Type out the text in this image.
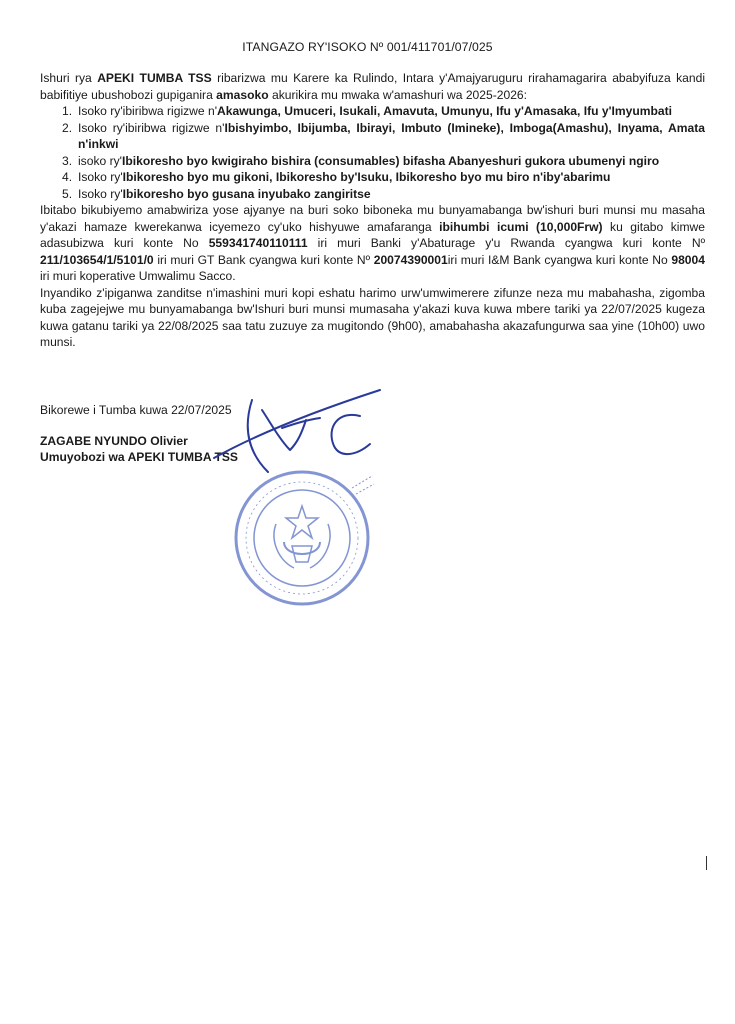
ITANGAZO RY'ISOKO Nº 001/411701/07/025

Ishuri rya APEKI TUMBA TSS ribarizwa mu Karere ka Rulindo, Intara y'Amajyaruguru rirahamagarira ababyifuza kandi babifitiye ubushobozi gupiganira amasoko akurikira mu mwaka w'amashuri wa 2025-2026:

1. Isoko ry'ibiribwa rigizwe n'Akawunga, Umuceri, Isukali, Amavuta, Umunyu, Ifu y'Amasaka, Ifu y'Imyumbati
2. Isoko ry'ibiribwa rigizwe n'Ibishyimbo, Ibijumba, Ibirayi, Imbuto (Imineke), Imboga(Amashu), Inyama, Amata n'inkwi
3. isoko ry'Ibikoresho byo kwigiraho bishira (consumables) bifasha Abanyeshuri gukora ubumenyi ngiro
4. Isoko ry'Ibikoresho byo mu gikoni, Ibikoresho by'Isuku, Ibikoresho byo mu biro n'iby'abarimu
5. Isoko ry'Ibikoresho byo gusana inyubako zangiritse

Ibitabo bikubiyemo amabwiriza yose ajyanye na buri soko biboneka mu bunyamabanga bw'ishuri buri munsi mu masaha y'akazi hamaze kwerekanwa icyemezo cy'uko hishyuwe amafaranga ibihumbi icumi (10,000Frw) ku gitabo kimwe adasubizwa kuri konte No 559341740110111 iri muri Banki y'Abaturage y'u Rwanda cyangwa kuri konte Nº 211/103654/1/5101/0 iri muri GT Bank cyangwa kuri konte Nº 20074390001iri muri I&M Bank cyangwa kuri konte No 98004 iri muri koperative Umwalimu Sacco.

Inyandiko z'ipiganwa zanditse n'imashini muri kopi eshatu harimo urw'umwimerere zifunze neza mu mabahasha, zigomba kuba zagejejwe mu bunyamabanga bw'Ishuri buri munsi mumasaha y'akazi kuva kuwa mbere tariki ya 22/07/2025 kugeza kuwa gatanu tariki ya 22/08/2025 saa tatu zuzuye za mugitondo (9h00), amabahasha akazafungurwa saa yine (10h00) uwo munsi.

Bikorewe i Tumba kuwa 22/07/2025
ZAGABE NYUNDO Olivier
Umuyobozi wa APEKI TUMBA TSS
